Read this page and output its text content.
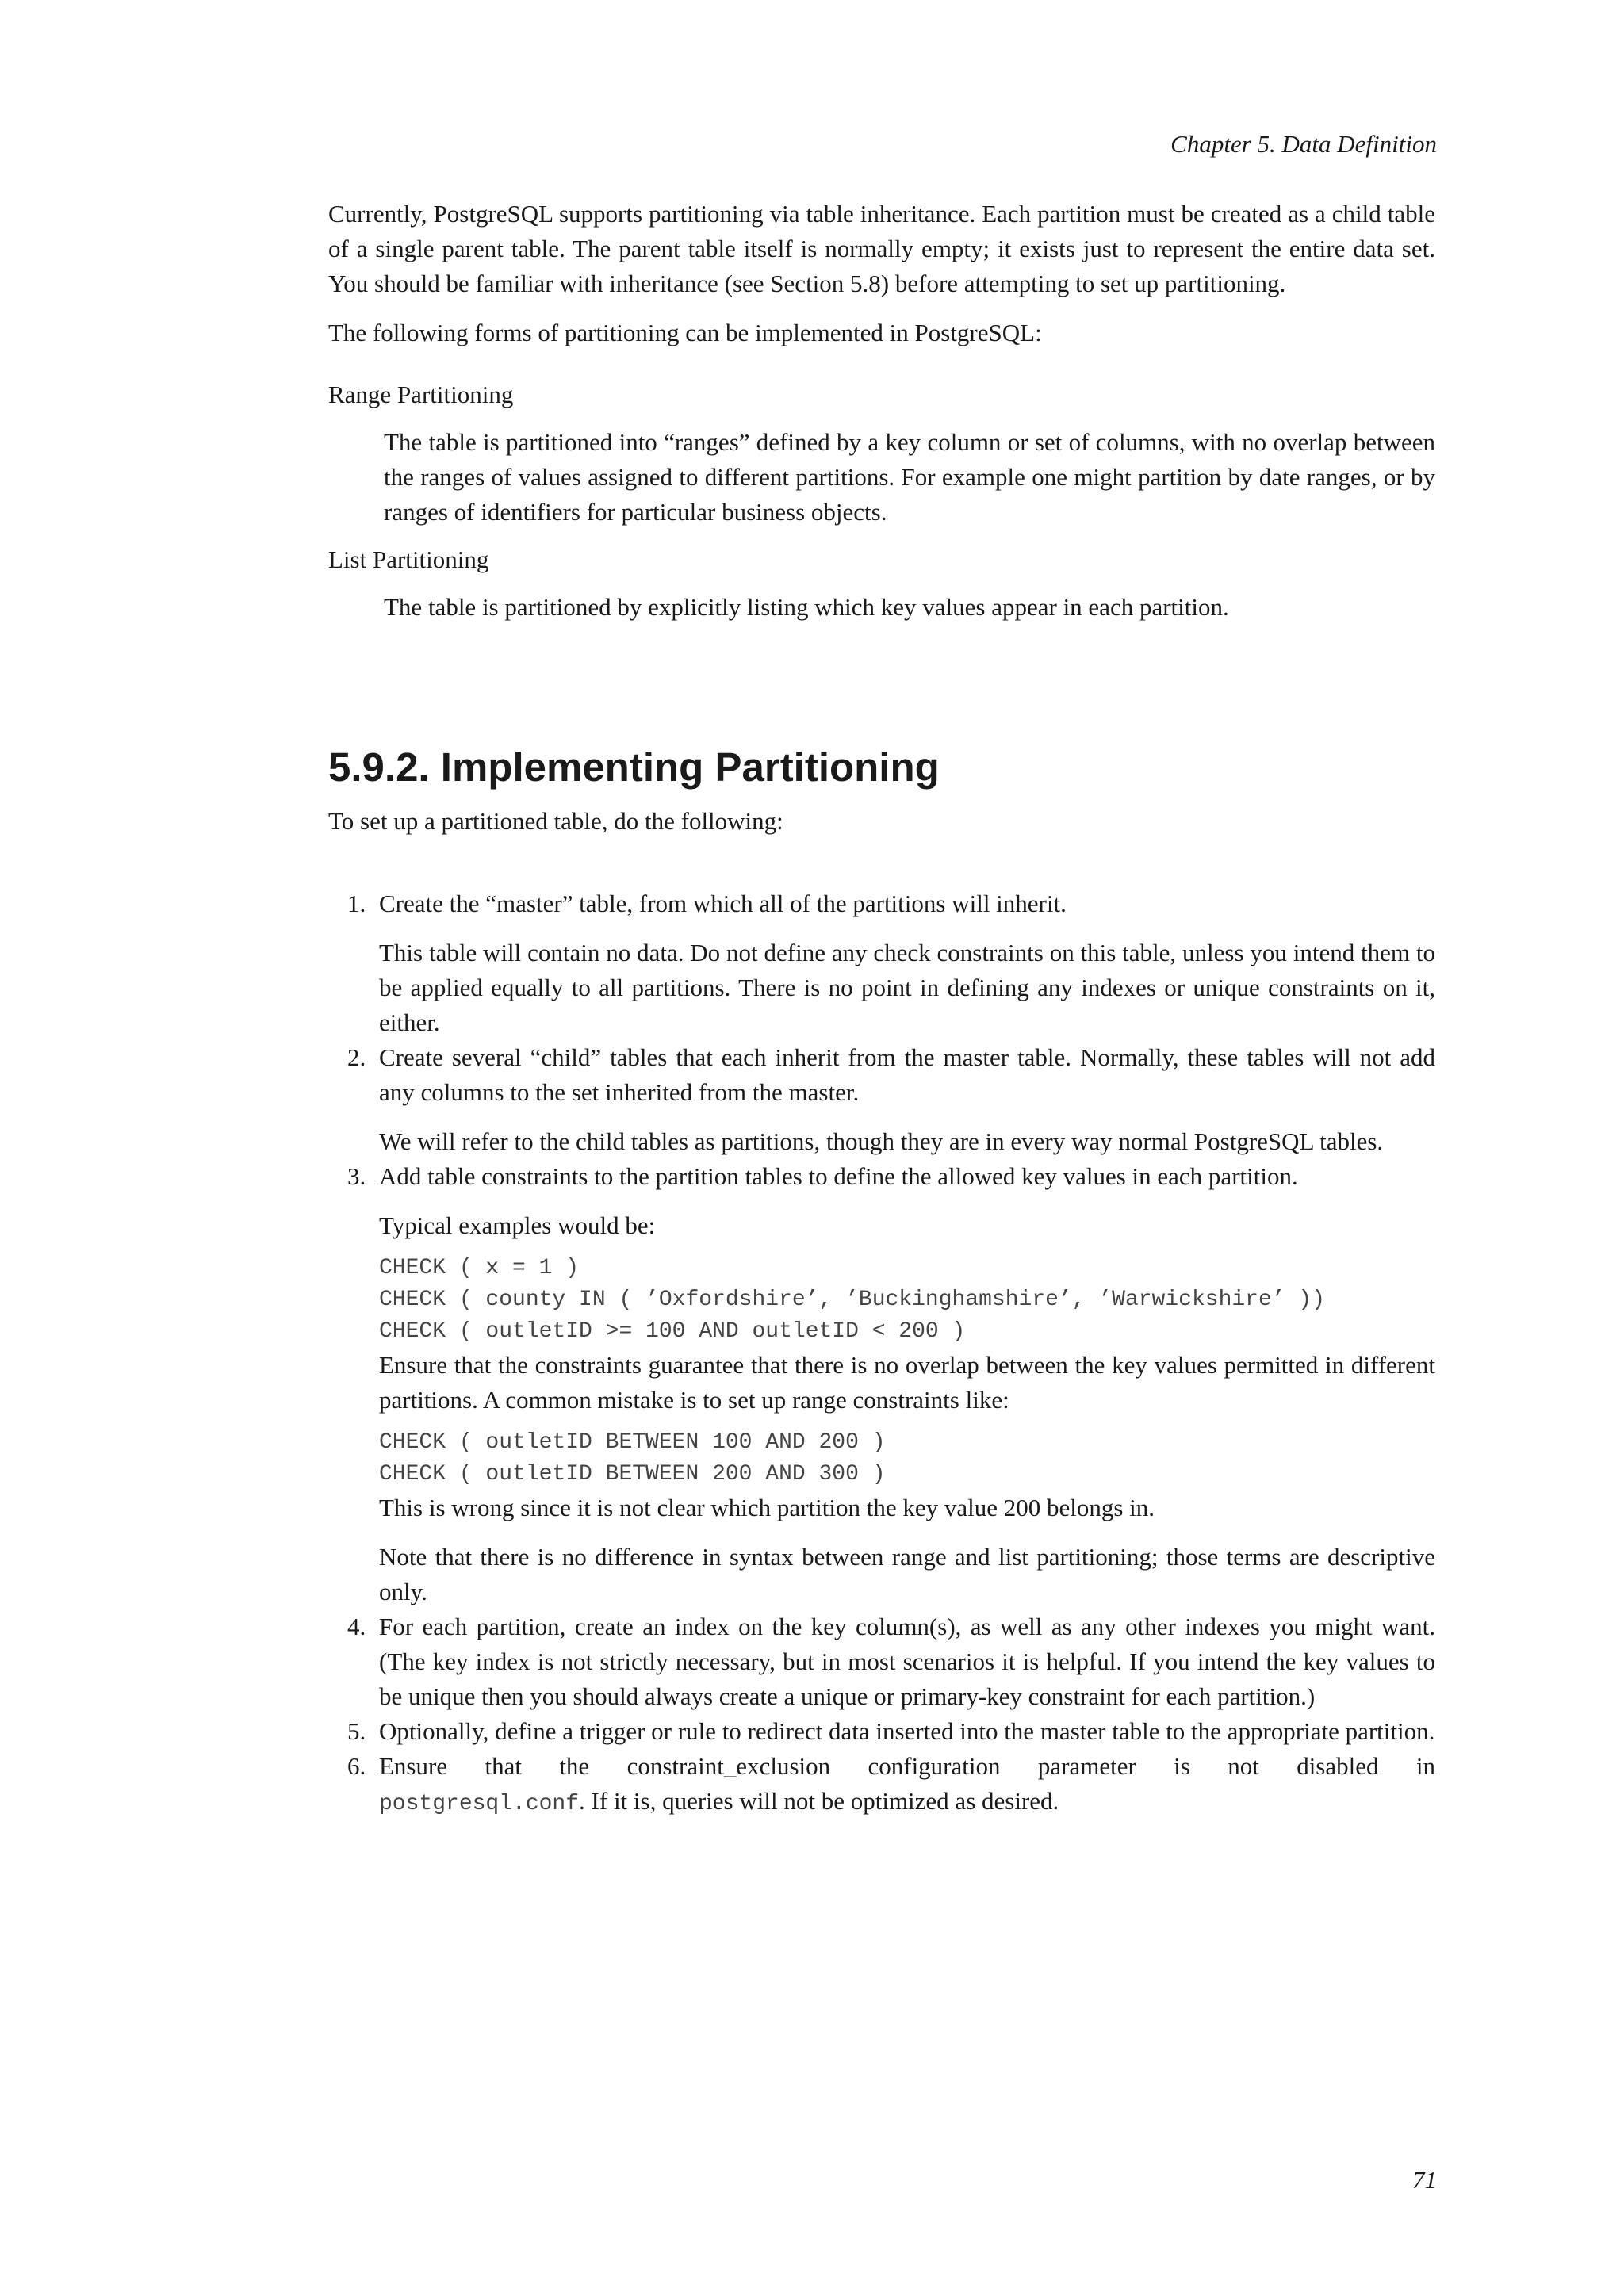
Chapter 5. Data Definition

Currently, PostgreSQL supports partitioning via table inheritance. Each partition must be created as a child table of a single parent table. The parent table itself is normally empty; it exists just to represent the entire data set. You should be familiar with inheritance (see Section 5.8) before attempting to set up partitioning.

The following forms of partitioning can be implemented in PostgreSQL:

Range Partitioning

The table is partitioned into “ranges” defined by a key column or set of columns, with no overlap between the ranges of values assigned to different partitions. For example one might partition by date ranges, or by ranges of identifiers for particular business objects.

List Partitioning

The table is partitioned by explicitly listing which key values appear in each partition.

5.9.2. Implementing Partitioning

To set up a partitioned table, do the following:

1. Create the “master” table, from which all of the partitions will inherit.

This table will contain no data. Do not define any check constraints on this table, unless you intend them to be applied equally to all partitions. There is no point in defining any indexes or unique constraints on it, either.

2. Create several “child” tables that each inherit from the master table. Normally, these tables will not add any columns to the set inherited from the master.

We will refer to the child tables as partitions, though they are in every way normal PostgreSQL tables.

3. Add table constraints to the partition tables to define the allowed key values in each partition.

Typical examples would be:

CHECK ( x = 1 )
CHECK ( county IN ( ’Oxfordshire’, ’Buckinghamshire’, ’Warwickshire’ ))
CHECK ( outletID >= 100 AND outletID < 200 )

Ensure that the constraints guarantee that there is no overlap between the key values permitted in different partitions. A common mistake is to set up range constraints like:

CHECK ( outletID BETWEEN 100 AND 200 )
CHECK ( outletID BETWEEN 200 AND 300 )

This is wrong since it is not clear which partition the key value 200 belongs in.

Note that there is no difference in syntax between range and list partitioning; those terms are descriptive only.

4. For each partition, create an index on the key column(s), as well as any other indexes you might want. (The key index is not strictly necessary, but in most scenarios it is helpful. If you intend the key values to be unique then you should always create a unique or primary-key constraint for each partition.)

5. Optionally, define a trigger or rule to redirect data inserted into the master table to the appropriate partition.

6. Ensure that the constraint_exclusion configuration parameter is not disabled in

postgresql.conf. If it is, queries will not be optimized as desired.

71
